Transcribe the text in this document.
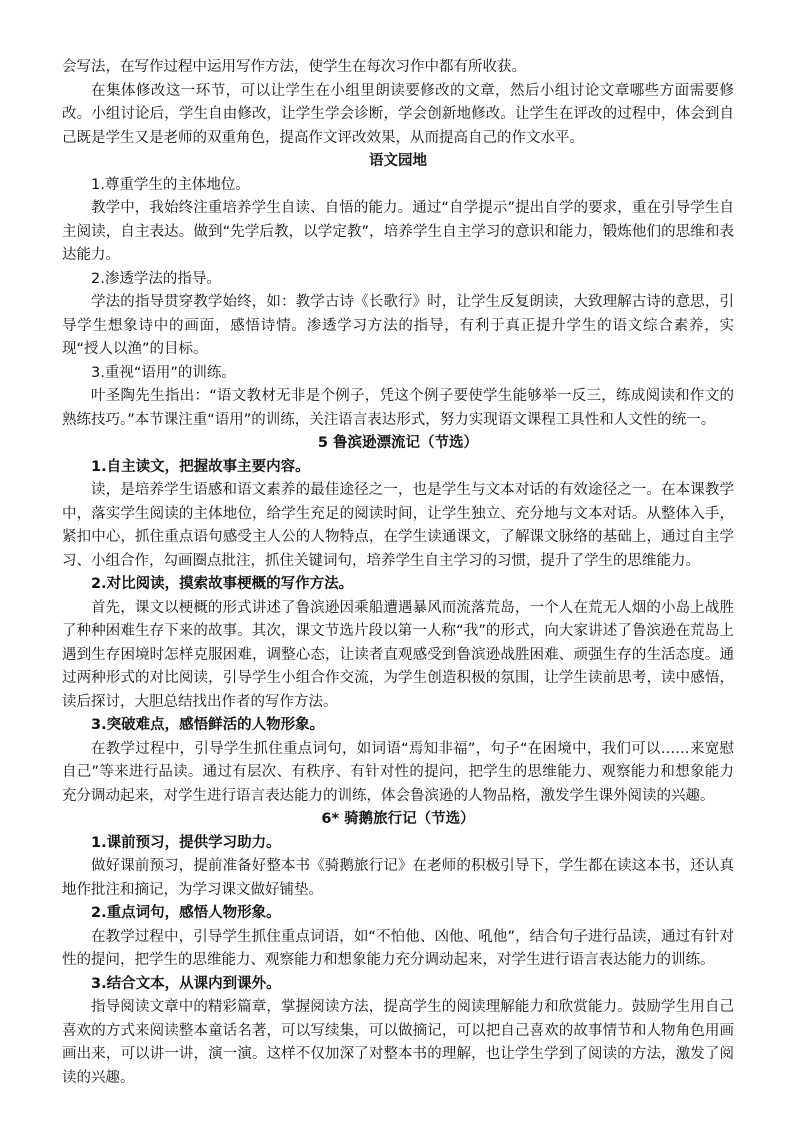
会写法，在写作过程中运用写作方法，使学生在每次习作中都有所收获。

在集体修改这一环节，可以让学生在小组里朗读要修改的文章，然后小组讨论文章哪些方面需要修改。小组讨论后，学生自由修改，让学生学会诊断，学会创新地修改。让学生在评改的过程中，体会到自己既是学生又是老师的双重角色，提高作文评改效果，从而提高自己的作文水平。

语文园地

1.尊重学生的主体地位。

教学中，我始终注重培养学生自读、自悟的能力。通过“自学提示”提出自学的要求，重在引导学生自主阅读，自主表达。做到“先学后教，以学定教”，培养学生自主学习的意识和能力，锻炼他们的思维和表达能力。

2.渗透学法的指导。

学法的指导贯穿教学始终，如：教学古诗《长歌行》时，让学生反复朗读，大致理解古诗的意思，引导学生想象诗中的画面，感悟诗情。渗透学习方法的指导，有利于真正提升学生的语文综合素养，实现“授人以渔”的目标。

3.重视“语用”的训练。

叶圣陶先生指出：“语文教材无非是个例子，凭这个例子要使学生能够举一反三，练成阅读和作文的熟练技巧。”本节课注重“语用”的训练，关注语言表达形式，努力实现语文课程工具性和人文性的统一。

5 鲁滨逊漂流记（节选）

1.自主读文，把握故事主要内容。

读，是培养学生语感和语文素养的最佳途径之一，也是学生与文本对话的有效途径之一。在本课教学中，落实学生阅读的主体地位，给学生充足的阅读时间，让学生独立、充分地与文本对话。从整体入手，紧扣中心，抓住重点语句感受主人公的人物特点，在学生读通课文，了解课文脉络的基础上，通过自主学习、小组合作，勾画圈点批注，抓住关键词句，培养学生自主学习的习惯，提升了学生的思维能力。

2.对比阅读，摸索故事梗概的写作方法。

首先，课文以梗概的形式讲述了鲁滨逊因乘船遭遇暴风而流落荒岛，一个人在荒无人烟的小岛上战胜了种种困难生存下来的故事。其次，课文节选片段以第一人称“我”的形式，向大家讲述了鲁滨逊在荒岛上遇到生存困境时怎样克服困难，调整心态，让读者直观感受到鲁滨逊战胜困难、顽强生存的生活态度。通过两种形式的对比阅读，引导学生小组合作交流，为学生创造积极的氛围，让学生读前思考，读中感悟，读后探讨，大胆总结找出作者的写作方法。

3.突破难点，感悟鲜活的人物形象。

在教学过程中，引导学生抓住重点词句，如词语“焉知非福”，句子“在困境中，我们可以……来宽慰自己”等来进行品读。通过有层次、有秩序、有针对性的提问，把学生的思维能力、观察能力和想象能力充分调动起来，对学生进行语言表达能力的训练，体会鲁滨逊的人物品格，激发学生课外阅读的兴趣。

6* 骑鹅旅行记（节选）

1.课前预习，提供学习助力。

做好课前预习，提前准备好整本书《骑鹅旅行记》在老师的积极引导下，学生都在读这本书，还认真地作批注和摘记，为学习课文做好铺垫。

2.重点词句，感悟人物形象。

在教学过程中，引导学生抓住重点词语，如“不怕他、凶他、吼他”，结合句子进行品读，通过有针对性的提问，把学生的思维能力、观察能力和想象能力充分调动起来，对学生进行语言表达能力的训练。

3.结合文本，从课内到课外。

指导阅读文章中的精彩篇章，掌握阅读方法，提高学生的阅读理解能力和欣赏能力。鼓励学生用自己喜欢的方式来阅读整本童话名著，可以写续集，可以做摘记，可以把自己喜欢的故事情节和人物角色用画画出来，可以讲一讲，演一演。这样不仅加深了对整本书的理解，也让学生学到了阅读的方法，激发了阅读的兴趣。
